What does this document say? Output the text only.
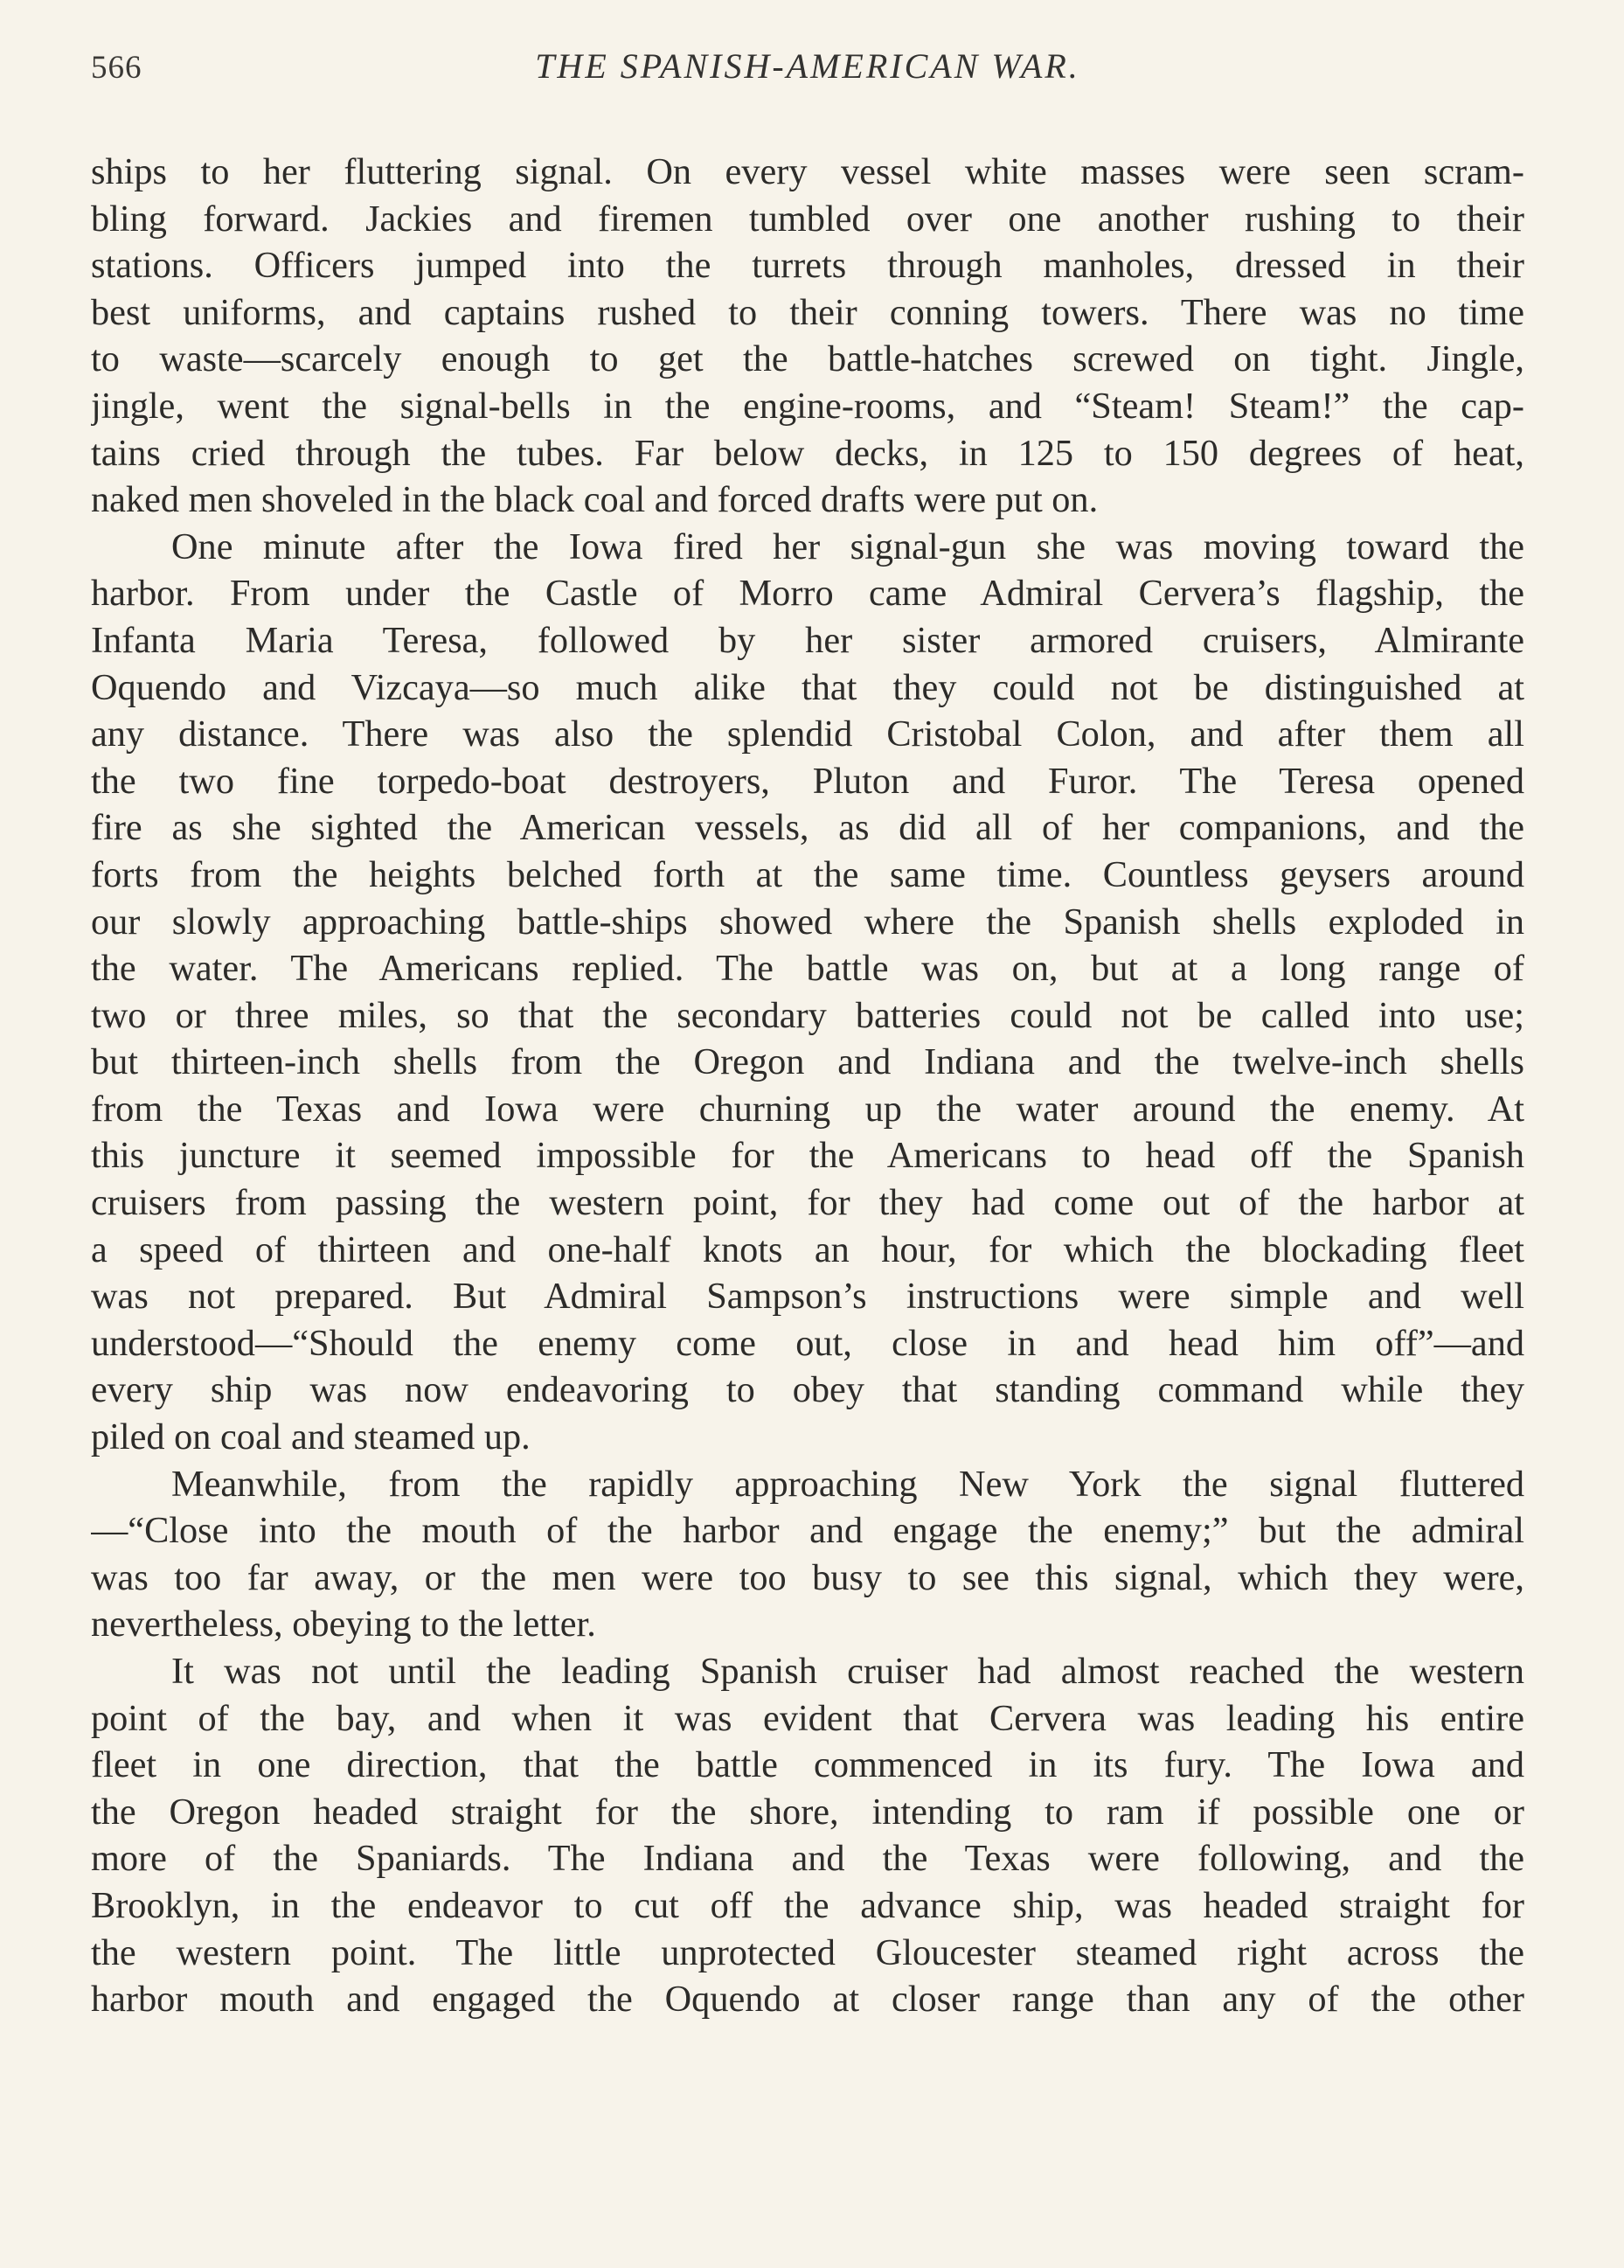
566	THE SPANISH-AMERICAN WAR.
ships to her fluttering signal. On every vessel white masses were seen scram-
bling forward. Jackies and firemen tumbled over one another rushing to their
stations. Officers jumped into the turrets through manholes, dressed in their
best uniforms, and captains rushed to their conning towers. There was no time
to waste—scarcely enough to get the battle-hatches screwed on tight. Jingle,
jingle, went the signal-bells in the engine-rooms, and “Steam! Steam!” the cap-
tains cried through the tubes. Far below decks, in 125 to 150 degrees of heat,
naked men shoveled in the black coal and forced drafts were put on.
One minute after the Iowa fired her signal-gun she was moving toward the
harbor. From under the Castle of Morro came Admiral Cervera’s flagship, the
Infanta Maria Teresa, followed by her sister armored cruisers, Almirante
Oquendo and Vizcaya—so much alike that they could not be distinguished at
any distance. There was also the splendid Cristobal Colon, and after them all
the two fine torpedo-boat destroyers, Pluton and Furor. The Teresa opened
fire as she sighted the American vessels, as did all of her companions, and the
forts from the heights belched forth at the same time. Countless geysers around
our slowly approaching battle-ships showed where the Spanish shells exploded in
the water. The Americans replied. The battle was on, but at a long range of
two or three miles, so that the secondary batteries could not be called into use;
but thirteen-inch shells from the Oregon and Indiana and the twelve-inch shells
from the Texas and Iowa were churning up the water around the enemy. At
this juncture it seemed impossible for the Americans to head off the Spanish
cruisers from passing the western point, for they had come out of the harbor at
a speed of thirteen and one-half knots an hour, for which the blockading fleet
was not prepared. But Admiral Sampson’s instructions were simple and well
understood—“Should the enemy come out, close in and head him off”—and
every ship was now endeavoring to obey that standing command while they
piled on coal and steamed up.
Meanwhile, from the rapidly approaching New York the signal fluttered
—“Close into the mouth of the harbor and engage the enemy;” but the admiral
was too far away, or the men were too busy to see this signal, which they were,
nevertheless, obeying to the letter.
It was not until the leading Spanish cruiser had almost reached the western
point of the bay, and when it was evident that Cervera was leading his entire
fleet in one direction, that the battle commenced in its fury. The Iowa and
the Oregon headed straight for the shore, intending to ram if possible one or
more of the Spaniards. The Indiana and the Texas were following, and the
Brooklyn, in the endeavor to cut off the advance ship, was headed straight for
the western point. The little unprotected Gloucester steamed right across the
harbor mouth and engaged the Oquendo at closer range than any of the other
